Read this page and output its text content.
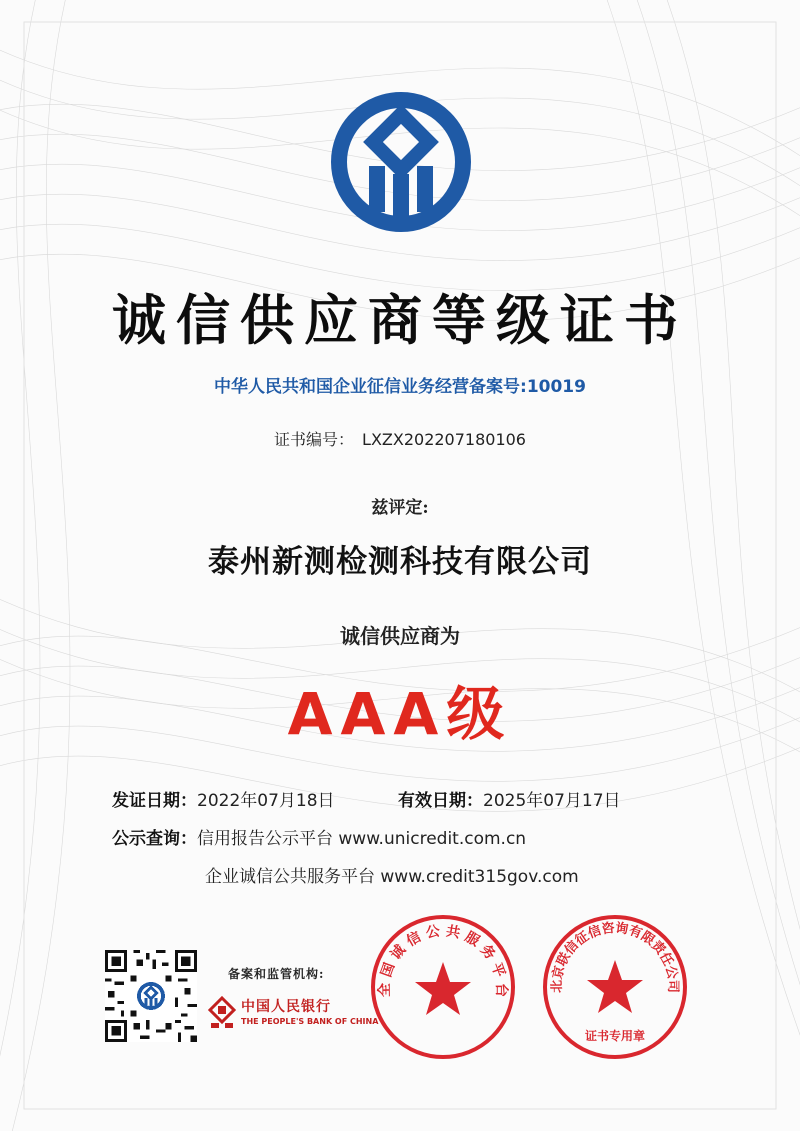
诚信供应商等级证书
中华人民共和国企业征信业务经营备案号:10019
证书编号： LXZX202207180106
兹评定:
泰州新测检测科技有限公司
诚信供应商为
AAA级
发证日期：2022年07月18日	有效日期：2025年07月17日
公示查询：信用报告公示平台 www.unicredit.com.cn
企业诚信公共服务平台 www.credit315gov.com
备案和监管机构:
中国人民银行
THE PEOPLE'S BANK OF CHINA
全 国 诚 信 公 共 服 务 平 台	北京联信征信咨询有限责任公司
证书专用章
